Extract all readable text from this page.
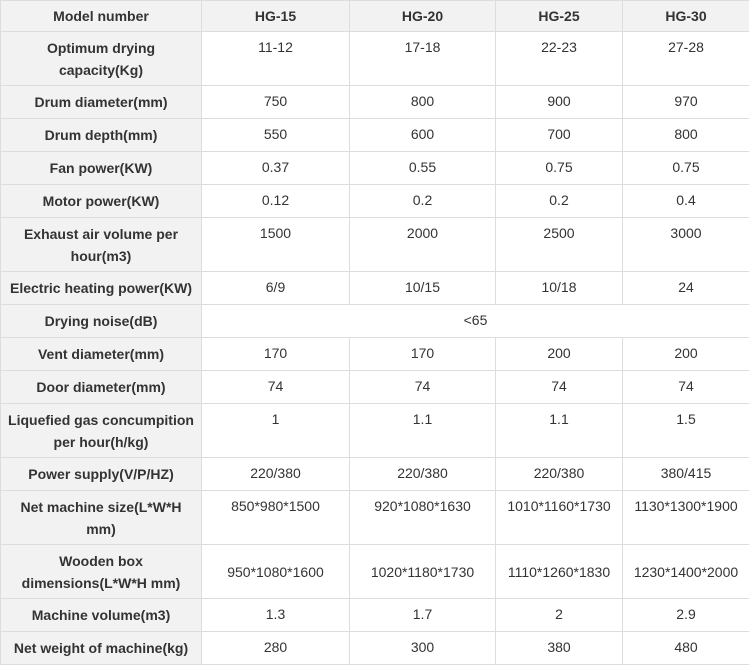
Model number	HG-15	HG-20	HG-25	HG-30
Optimum drying capacity(Kg)	11-12	17-18	22-23	27-28
Drum diameter(mm)	750	800	900	970
Drum depth(mm)	550	600	700	800
Fan power(KW)	0.37	0.55	0.75	0.75
Motor power(KW)	0.12	0.2	0.2	0.4
Exhaust air volume per hour(m3)	1500	2000	2500	3000
Electric heating power(KW)	6/9	10/15	10/18	24
Drying noise(dB)	<65			
Vent diameter(mm)	170	170	200	200
Door diameter(mm)	74	74	74	74
Liquefied gas concumpition per hour(h/kg)	1	1.1	1.1	1.5
Power supply(V/P/HZ)	220/380	220/380	220/380	380/415
Net machine size(L*W*H mm)	850*980*1500	920*1080*1630	1010*1160*1730	1130*1300*1900
Wooden box dimensions(L*W*H mm)	950*1080*1600	1020*1180*1730	1110*1260*1830	1230*1400*2000
Machine volume(m3)	1.3	1.7	2	2.9
Net weight of machine(kg)	280	300	380	480
